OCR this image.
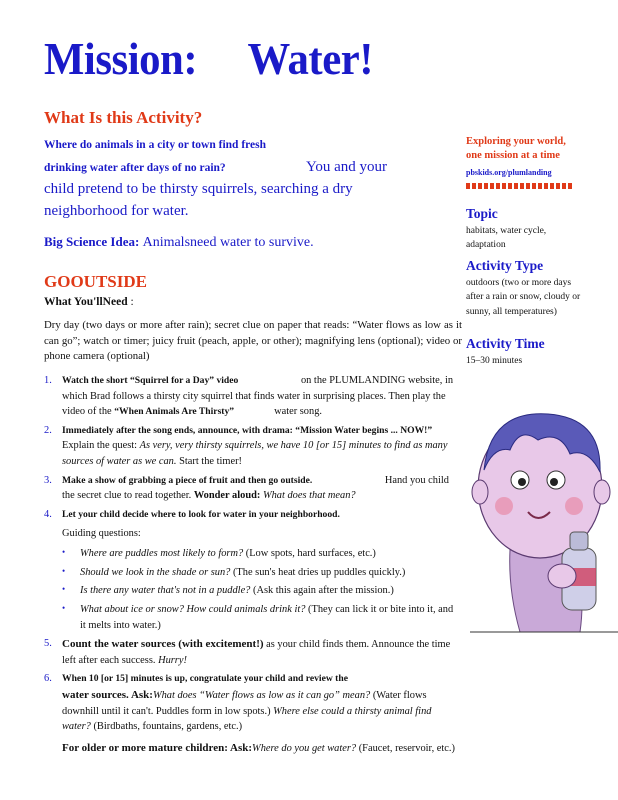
Mission:     Water!
What Is this Activity?
Where do animals in a city or town find fresh
drinking water after days of no rain?	You and your
child pretend to be thirsty squirrels, searching a dry
neighborhood for water.
Big Science Idea: Animalsneed water to survive.
GOOUTSIDE
What You'llNeed :
Dry day (two days or more after rain); secret clue on paper that reads: “Water flows as low as it can go”; watch or timer; juicy fruit (peach, apple, or other); magnifying lens (optional); video or phone camera (optional)
1. Watch the short “Squirrel for a Day” video	on the PLUMLANDING website, in which Brad follows a thirsty city squirrel that finds water in surprising places. Then play the video of the “When Animals Are Thirsty”	water song.
2. Immediately after the song ends, announce, with drama: “Mission Water begins ... NOW!” Explain the quest: As very, very thirsty squirrels, we have 10 [or 15] minutes to find as many sources of water as we can. Start the timer!
3. Make a show of grabbing a piece of fruit and then go outside.	Hand you child the secret clue to read together. Wonder aloud: What does that mean?
4. Let your child decide where to look for water in your neighborhood.
Guiding questions:
• Where are puddles most likely to form? (Low spots, hard surfaces, etc.)
• Should we look in the shade or sun? (The sun's heat dries up puddles quickly.)
• Is there any water that's not in a puddle? (Ask this again after the mission.)
• What about ice or snow? How could animals drink it? (They can lick it or bite into it, and it melts into water.)
5. Count the water sources (with excitement!) as your child finds them. Announce the time left after each success. Hurry!
6. When 10 [or 15] minutes is up, congratulate your child and review the
water sources. Ask:What does “Water flows as low as it can go” mean? (Water flows downhill until it can't. Puddles form in low spots.) Where else could a thirsty animal find water? (Birdbaths, fountains, gardens, etc.)
For older or more mature children: Ask:Where do you get water? (Faucet, reservoir, etc.)
Exploring your world,
one mission at a time
pbskids.org/plumlanding
Topic
habitats, water cycle, adaptation
Activity Type
outdoors (two or more days after a rain or snow, cloudy or sunny, all temperatures)
Activity Time
15–30 minutes
